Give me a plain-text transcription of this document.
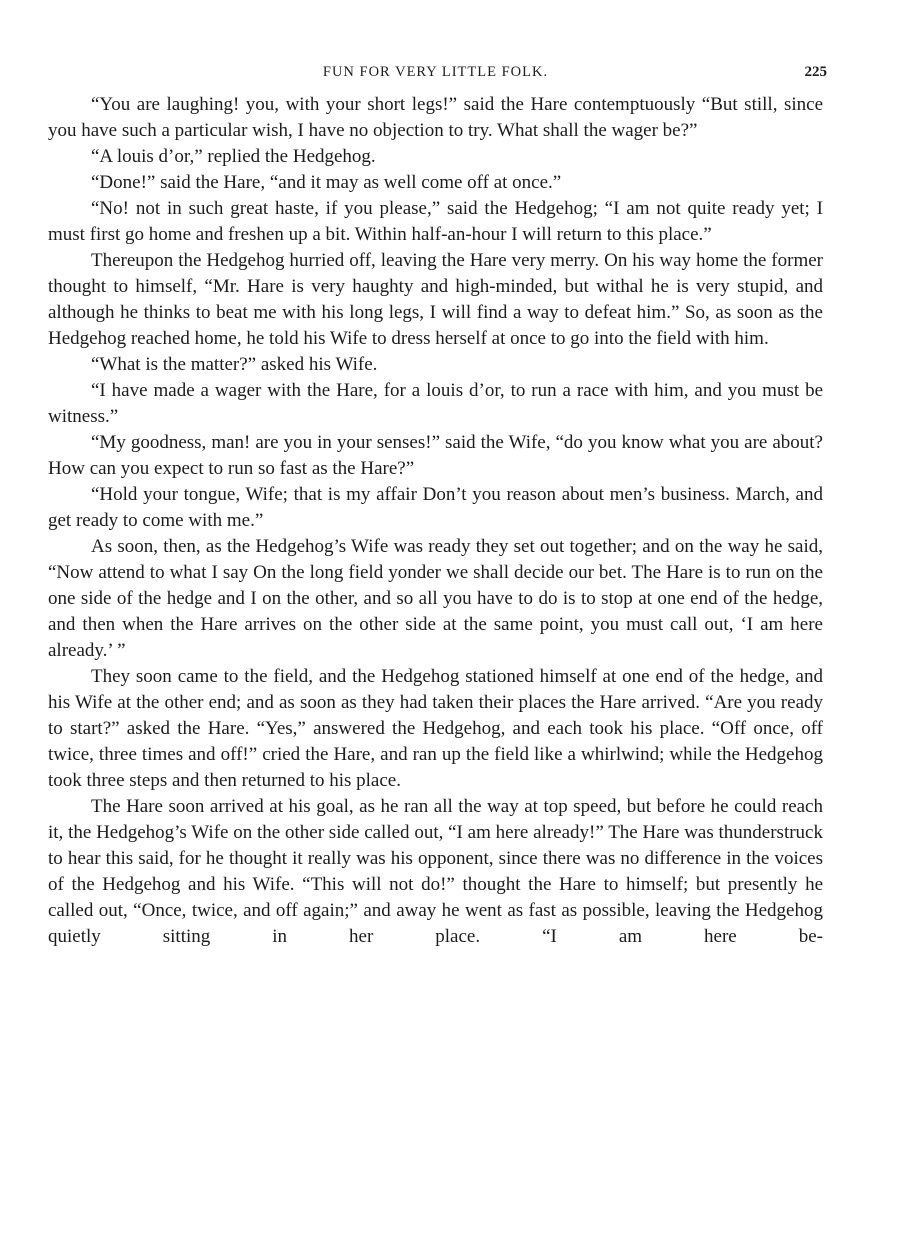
FUN FOR VERY LITTLE FOLK.	225

“You are laughing! you, with your short legs!” said the Hare contemptuously “But still, since you have such a particular wish, I have no objection to try. What shall the wager be?”

“A louis d’or,” replied the Hedgehog.

“Done!” said the Hare, “and it may as well come off at once.”

“No! not in such great haste, if you please,” said the Hedgehog; “I am not quite ready yet; I must first go home and freshen up a bit. Within half-an-hour I will return to this place.”

Thereupon the Hedgehog hurried off, leaving the Hare very merry. On his way home the former thought to himself, “Mr. Hare is very haughty and high-minded, but withal he is very stupid, and although he thinks to beat me with his long legs, I will find a way to defeat him.” So, as soon as the Hedgehog reached home, he told his Wife to dress herself at once to go into the field with him.

“What is the matter?” asked his Wife.

“I have made a wager with the Hare, for a louis d’or, to run a race with him, and you must be witness.”

“My goodness, man! are you in your senses!” said the Wife, “do you know what you are about? How can you expect to run so fast as the Hare?”

“Hold your tongue, Wife; that is my affair Don’t you reason about men’s business. March, and get ready to come with me.”

As soon, then, as the Hedgehog’s Wife was ready they set out together; and on the way he said, “Now attend to what I say On the long field yonder we shall decide our bet. The Hare is to run on the one side of the hedge and I on the other, and so all you have to do is to stop at one end of the hedge, and then when the Hare arrives on the other side at the same point, you must call out, ‘I am here already.’ ”

They soon came to the field, and the Hedgehog stationed himself at one end of the hedge, and his Wife at the other end; and as soon as they had taken their places the Hare arrived. “Are you ready to start?” asked the Hare. “Yes,” answered the Hedgehog, and each took his place. “Off once, off twice, three times and off!” cried the Hare, and ran up the field like a whirlwind; while the Hedgehog took three steps and then returned to his place.

The Hare soon arrived at his goal, as he ran all the way at top speed, but before he could reach it, the Hedgehog’s Wife on the other side called out, “I am here already!” The Hare was thunderstruck to hear this said, for he thought it really was his opponent, since there was no difference in the voices of the Hedgehog and his Wife. “This will not do!” thought the Hare to himself; but presently he called out, “Once, twice, and off again;” and away he went as fast as possible, leaving the Hedgehog quietly sitting in her place. “I am here be-
